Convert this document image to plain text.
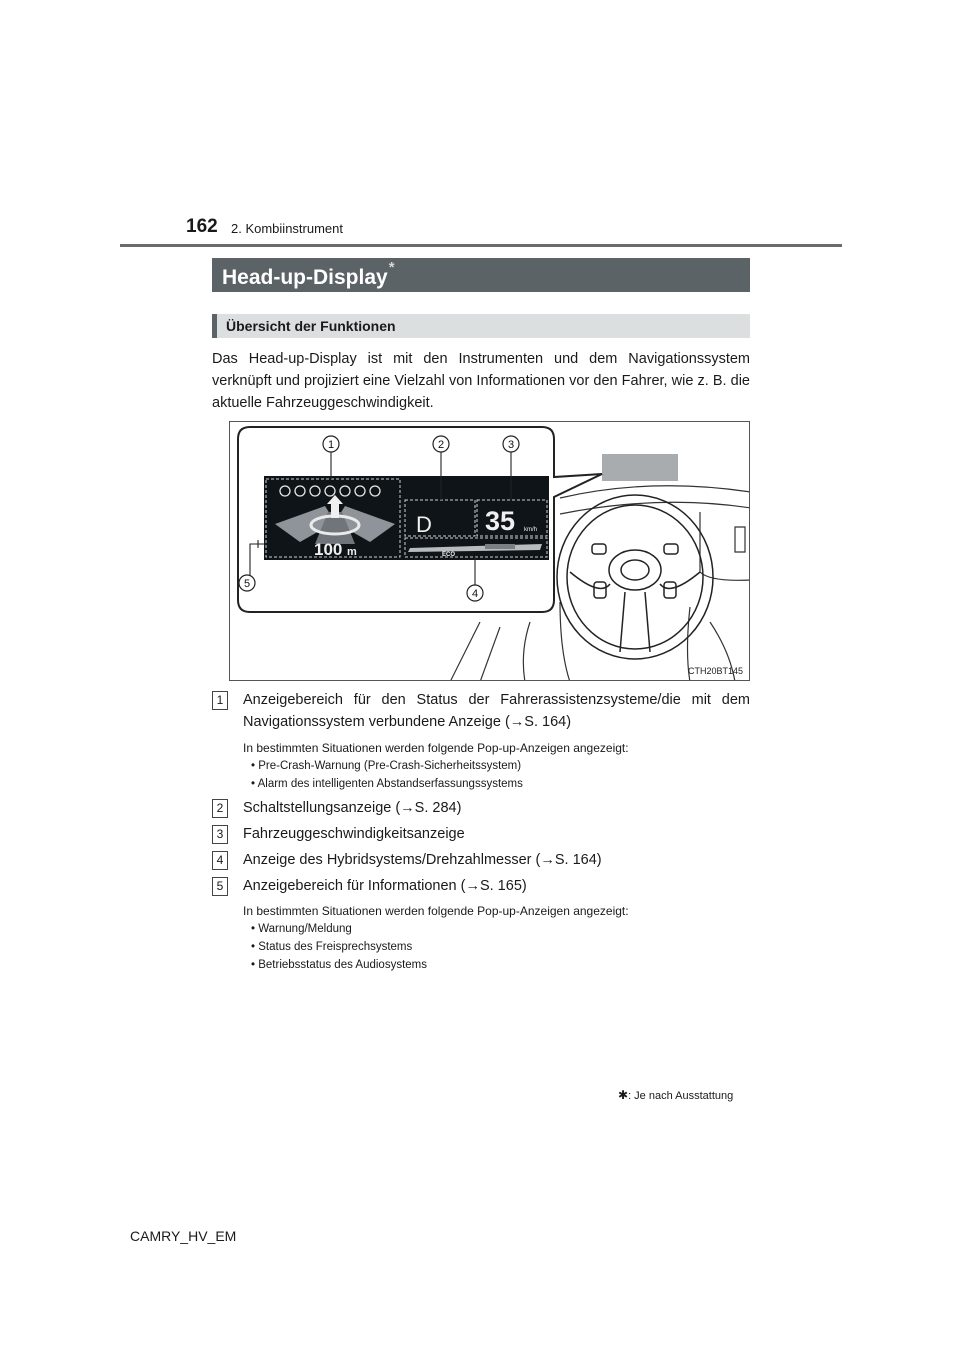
162 2. Kombiinstrument
Head-up-Display*
Übersicht der Funktionen
Das Head-up-Display ist mit den Instrumenten und dem Navigationssystem verknüpft und projiziert eine Vielzahl von Informationen vor den Fahrer, wie z. B. die aktuelle Fahrzeuggeschwindigkeit.
100 m
D 35 km/h
ECO
1	2	3
4
5
CTH20BT145
1	Anzeigebereich für den Status der Fahrerassistenzsysteme/die mit dem Navigationssystem verbundene Anzeige (→S. 164)
In bestimmten Situationen werden folgende Pop-up-Anzeigen angezeigt:
• Pre-Crash-Warnung (Pre-Crash-Sicherheitssystem)
• Alarm des intelligenten Abstandserfassungssystems
2	Schaltstellungsanzeige (→S. 284)
3	Fahrzeuggeschwindigkeitsanzeige
4	Anzeige des Hybridsystems/Drehzahlmesser (→S. 164)
5	Anzeigebereich für Informationen (→S. 165)
In bestimmten Situationen werden folgende Pop-up-Anzeigen angezeigt:
• Warnung/Meldung
• Status des Freisprechsystems
• Betriebsstatus des Audiosystems
✱: Je nach Ausstattung
CAMRY_HV_EM
